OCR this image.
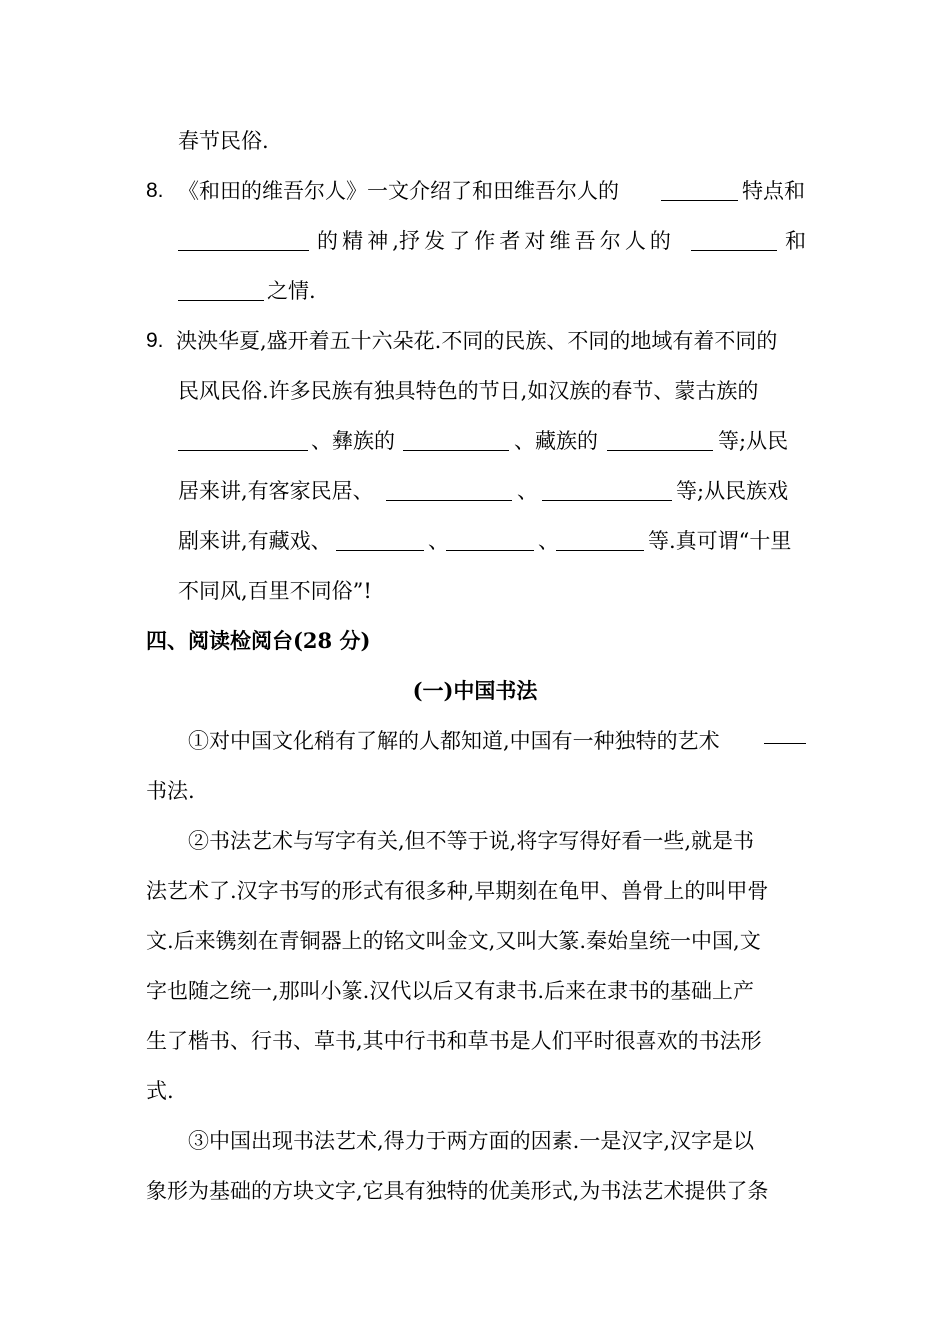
春节民俗.
8. 《和田的维吾尔人》一文介绍了和田维吾尔人的	特点和
的 精 神 ,抒 发 了 作 者 对 维 吾 尔 人 的	和
之情.
9. 泱泱华夏,盛开着五十六朵花.不同的民族、不同的地域有着不同的
民风民俗.许多民族有独具特色的节日,如汉族的春节、蒙古族的
、彝族的	、藏族的	等;从民
居来讲,有客家民居、	、	等;从民族戏
剧来讲,有藏戏、	、	、	等.真可谓“十里
不同风,百里不同俗”!
四、阅读检阅台(28 分)
(一)中国书法
①对中国文化稍有了解的人都知道,中国有一种独特的艺术
书法.
②书法艺术与写字有关,但不等于说,将字写得好看一些,就是书
法艺术了.汉字书写的形式有很多种,早期刻在龟甲、兽骨上的叫甲骨
文.后来镌刻在青铜器上的铭文叫金文,又叫大篆.秦始皇统一中国,文
字也随之统一,那叫小篆.汉代以后又有隶书.后来在隶书的基础上产
生了楷书、行书、草书,其中行书和草书是人们平时很喜欢的书法形
式.
③中国出现书法艺术,得力于两方面的因素.一是汉字,汉字是以
象形为基础的方块文字,它具有独特的优美形式,为书法艺术提供了条
